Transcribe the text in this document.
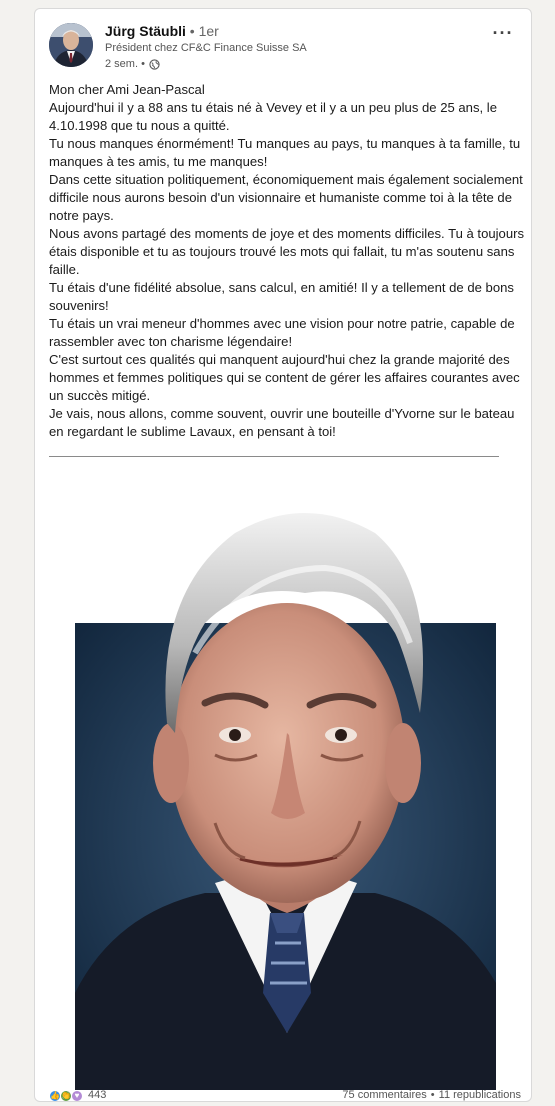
Jürg Stäubli • 1er
Président chez CF&C Finance Suisse SA
2 sem. •
···

Mon cher Ami Jean-Pascal

Aujourd'hui il y a 88 ans tu étais né à Vevey et il y a un peu plus de 25 ans, le 4.10.1998 que tu nous a quitté.

Tu nous manques énormément! Tu manques au pays, tu manques à ta famille, tu manques à tes amis, tu me manques!

Dans cette situation politiquement, économiquement mais également socialement difficile nous aurons besoin d'un visionnaire et humaniste comme toi à la tête de notre pays.

Nous avons partagé des moments de joye et des moments difficiles. Tu à toujours étais disponible et tu as toujours trouvé les mots qui fallait, tu m'as soutenu sans faille.

Tu étais d'une fidélité absolue, sans calcul, en amitié! Il y a tellement de de bons souvenirs!

Tu étais un vrai meneur d'hommes avec une vision pour notre patrie, capable de rassembler avec ton charisme légendaire!

C'est surtout ces qualités qui manquent aujourd'hui chez la grande majorité des hommes et femmes politiques qui se content de gérer les affaires courantes avec un succès mitigé.

Je vais, nous allons, comme souvent, ouvrir une bouteille d'Yvorne sur le bateau en regardant le sublime Lavaux, en pensant à toi!

👍 👏 ♥ 443	75 commentaires • 11 republications
